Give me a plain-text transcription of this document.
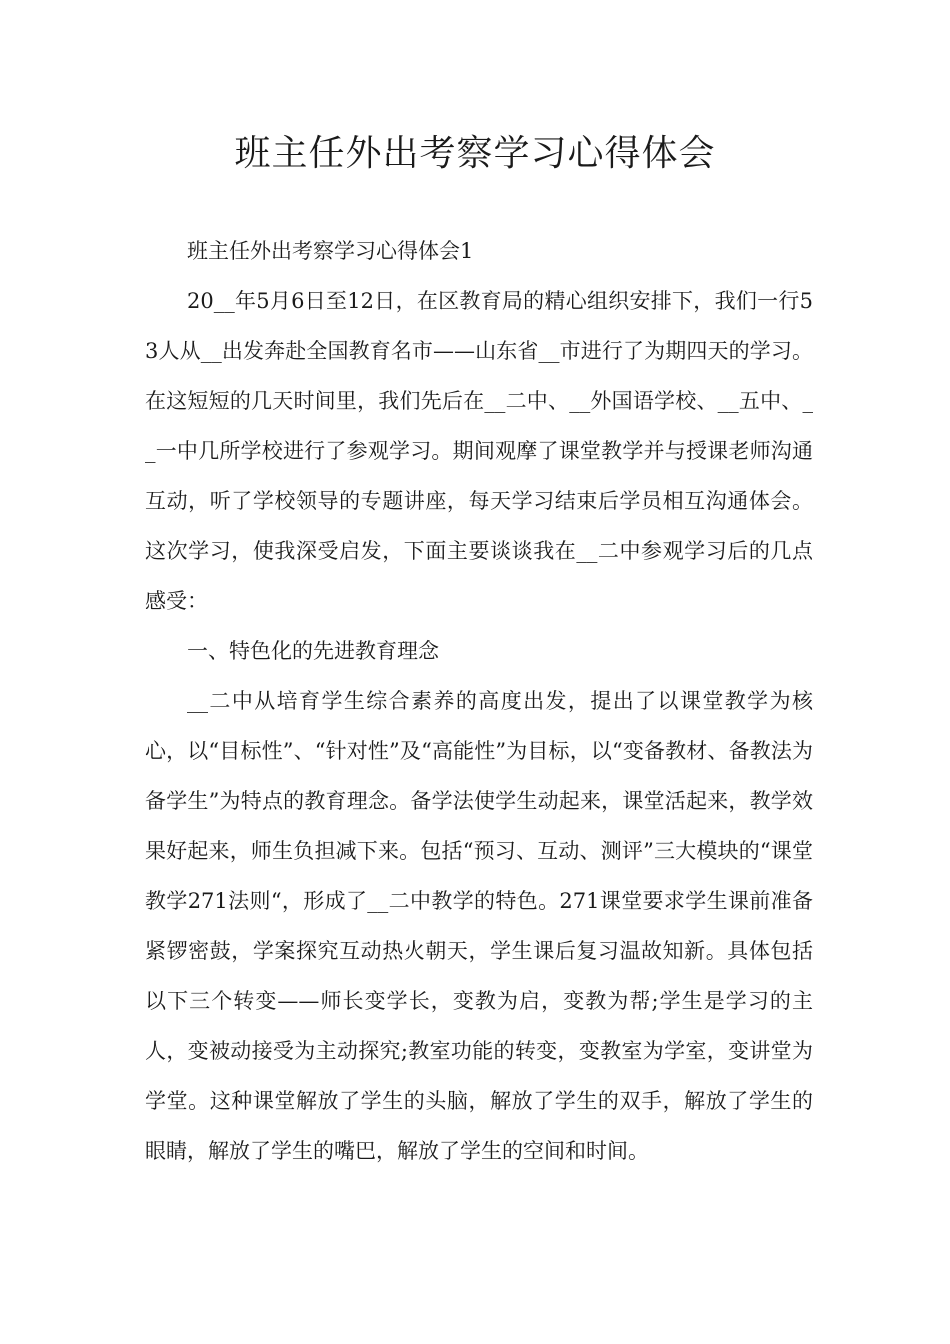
班主任外出考察学习心得体会

班主任外出考察学习心得体会1

20__年5月6日至12日，在区教育局的精心组织安排下，我们一行53人从__出发奔赴全国教育名市——山东省__市进行了为期四天的学习。在这短短的几天时间里，我们先后在__二中、__外国语学校、__五中、__一中几所学校进行了参观学习。期间观摩了课堂教学并与授课老师沟通互动，听了学校领导的专题讲座，每天学习结束后学员相互沟通体会。这次学习，使我深受启发，下面主要谈谈我在__二中参观学习后的几点感受：

一、特色化的先进教育理念

__二中从培育学生综合素养的高度出发，提出了以课堂教学为核心，以“目标性”、“针对性”及“高能性”为目标，以“变备教材、备教法为备学生”为特点的教育理念。备学法使学生动起来，课堂活起来，教学效果好起来，师生负担减下来。包括“预习、互动、测评”三大模块的“课堂教学271法则“，形成了__二中教学的特色。271课堂要求学生课前准备紧锣密鼓，学案探究互动热火朝天，学生课后复习温故知新。具体包括以下三个转变——师长变学长，变教为启，变教为帮;学生是学习的主人，变被动接受为主动探究;教室功能的转变，变教室为学室，变讲堂为学堂。这种课堂解放了学生的头脑，解放了学生的双手，解放了学生的眼睛，解放了学生的嘴巴，解放了学生的空间和时间。
